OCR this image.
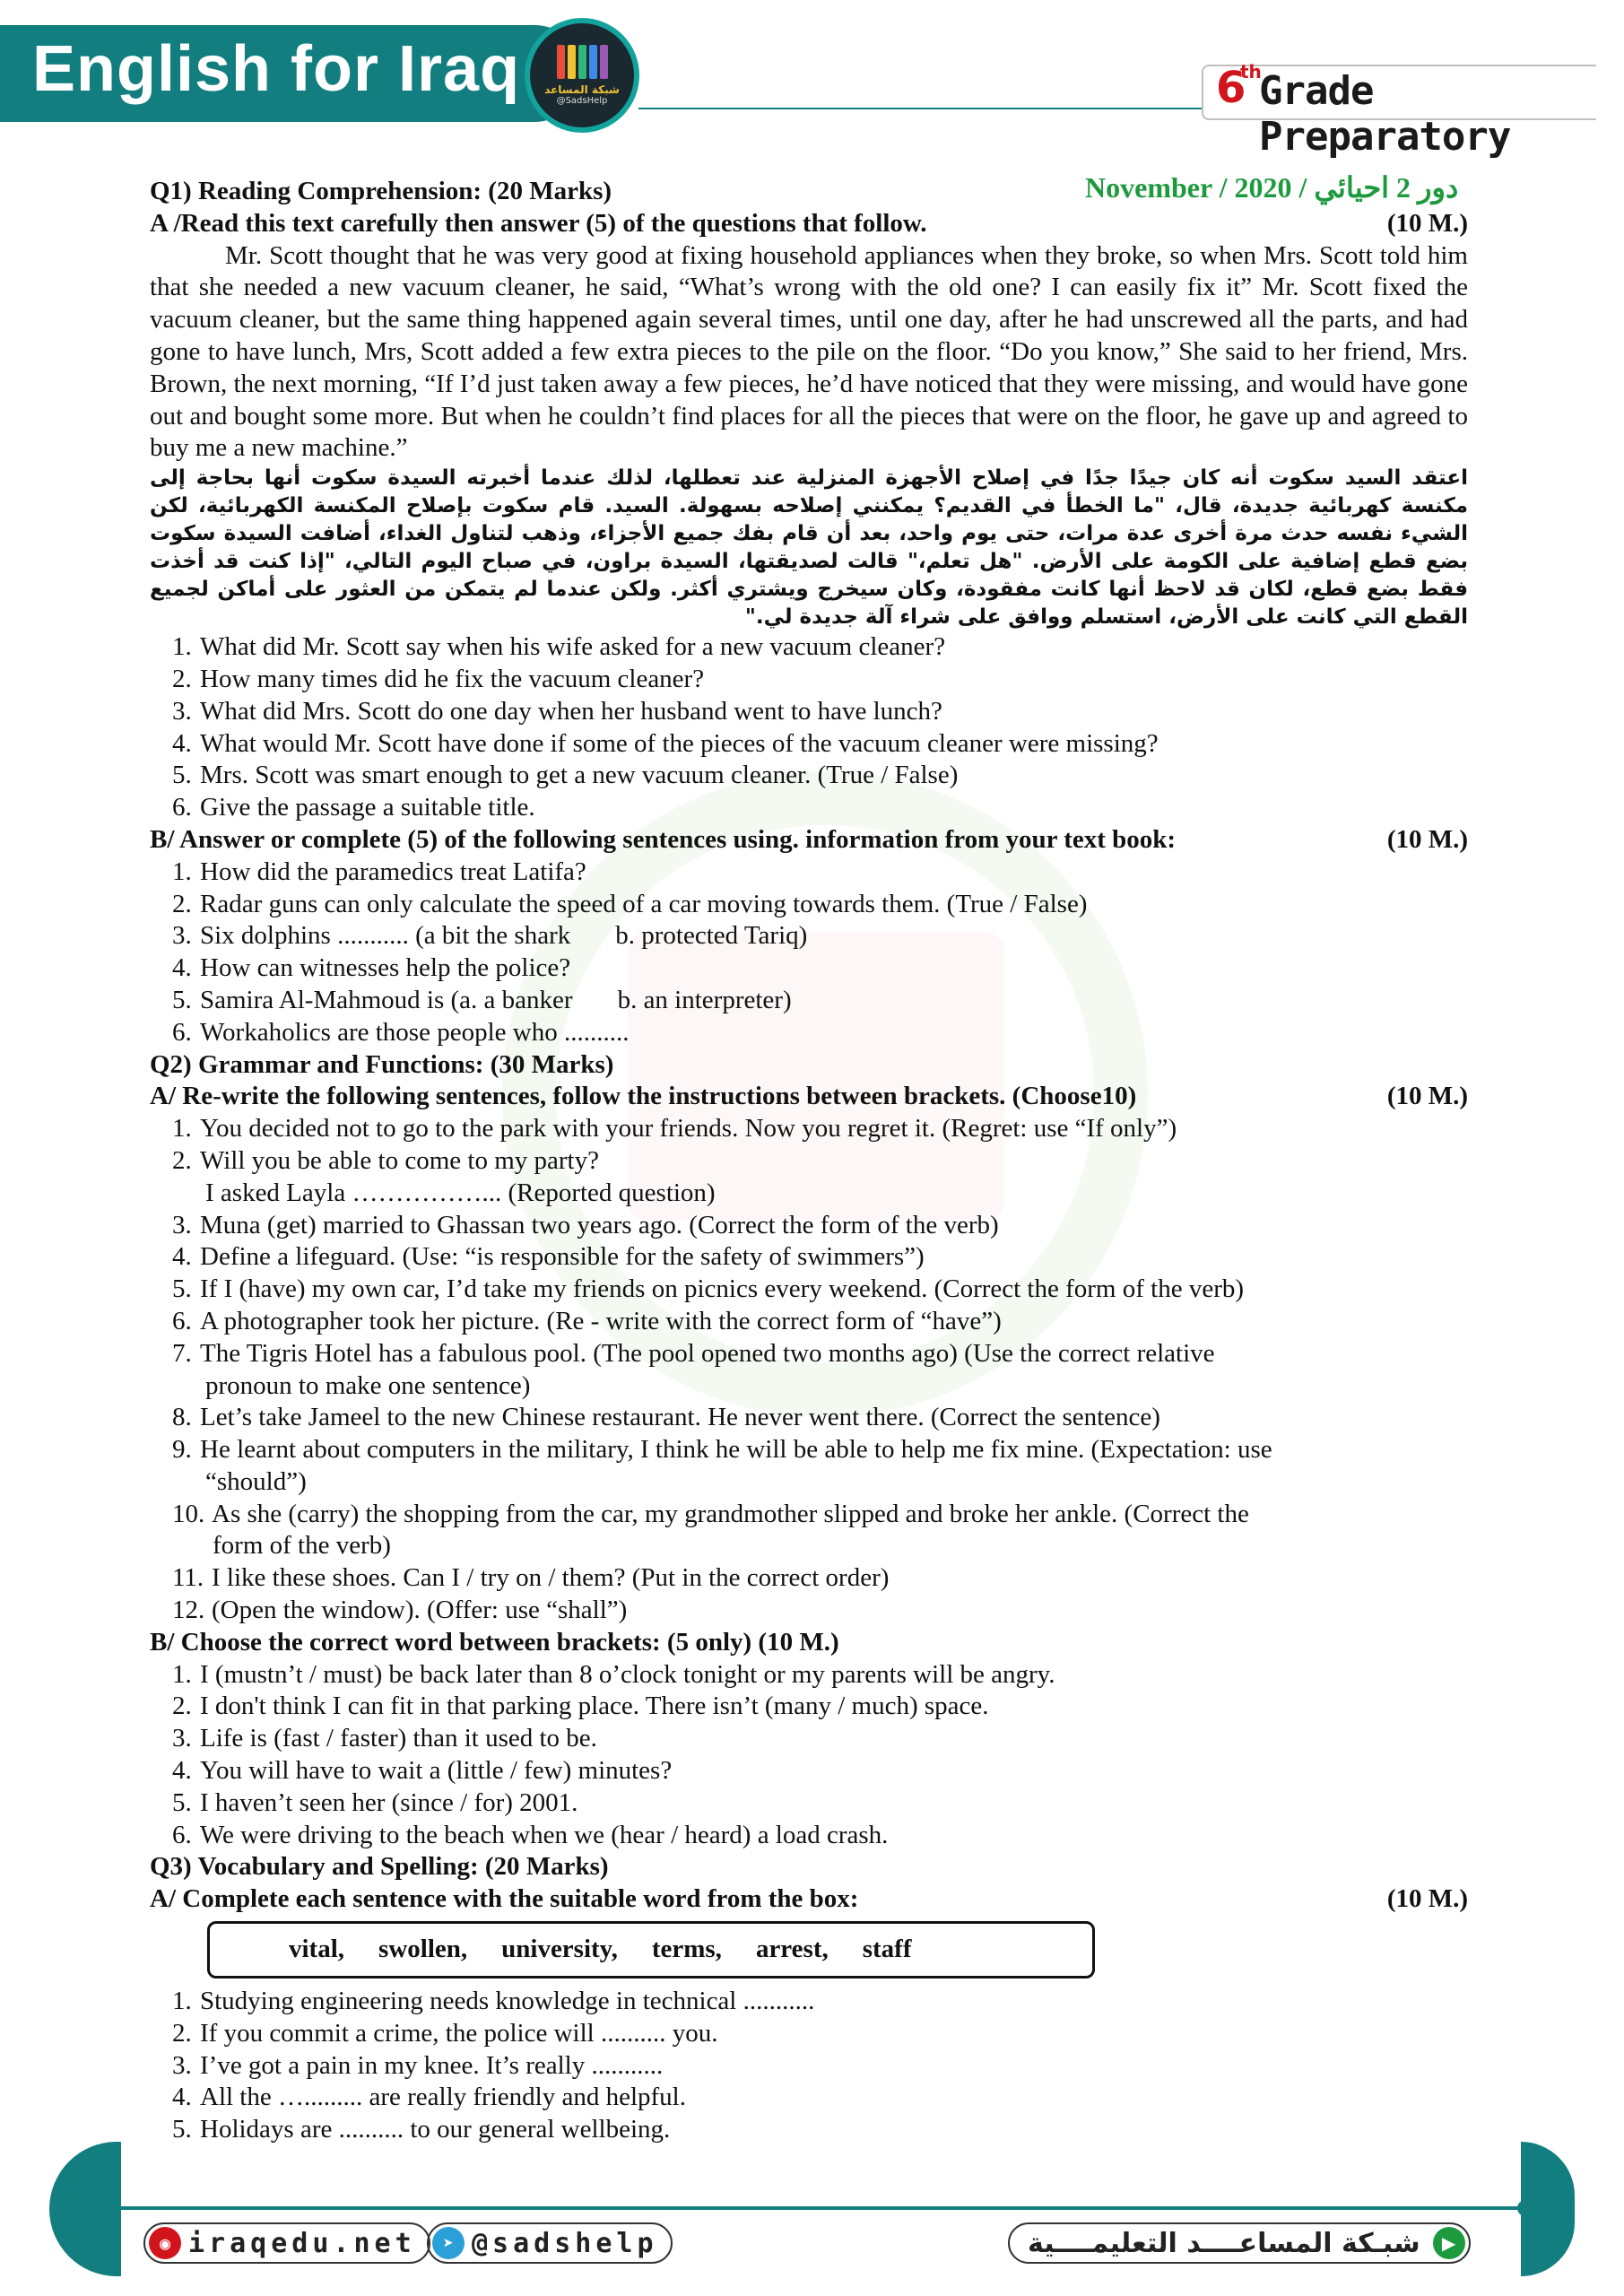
English for Iraq شبكة المساعد
@SadsHelp	6
th
Grade Preparatory
November / 2020 / دور 2 احيائي

Q1) Reading Comprehension: (20 Marks)

A /Read this text carefully then answer (5) of the questions that follow.	(10 M.)

Mr. Scott thought that he was very good at fixing household appliances when they broke, so when Mrs. Scott told him that she needed a new vacuum cleaner, he said, “What’s wrong with the old one? I can easily fix it” Mr. Scott fixed the vacuum cleaner, but the same thing happened again several times, until one day, after he had unscrewed all the parts, and had gone to have lunch, Mrs, Scott added a few extra pieces to the pile on the floor. “Do you know,” She said to her friend, Mrs. Brown, the next morning, “If I’d just taken away a few pieces, he’d have noticed that they were missing, and would have gone out and bought some more. But when he couldn’t find places for all the pieces that were on the floor, he gave up and agreed to buy me a new machine.”

اعتقد السيد سكوت أنه كان جيدًا جدًا في إصلاح الأجهزة المنزلية عند تعطلها، لذلك عندما أخبرته السيدة سكوت أنها بحاجة إلى مكنسة كهربائية جديدة، قال، "ما الخطأ في القديم؟ يمكنني إصلاحه بسهولة. السيد. قام سكوت بإصلاح المكنسة الكهربائية، لكن الشيء نفسه حدث مرة أخرى عدة مرات، حتى يوم واحد، بعد أن قام بفك جميع الأجزاء، وذهب لتناول الغداء، أضافت السيدة سكوت بضع قطع إضافية على الكومة على الأرض. "هل تعلم،" قالت لصديقتها، السيدة براون، في صباح اليوم التالي، "إذا كنت قد أخذت فقط بضع قطع، لكان قد لاحظ أنها كانت مفقودة، وكان سيخرج ويشتري أكثر. ولكن عندما لم يتمكن من العثور على أماكن لجميع القطع التي كانت على الأرض، استسلم ووافق على شراء آلة جديدة لي."

1. What did Mr. Scott say when his wife asked for a new vacuum cleaner?

2. How many times did he fix the vacuum cleaner?

3. What did Mrs. Scott do one day when her husband went to have lunch?

4. What would Mr. Scott have done if some of the pieces of the vacuum cleaner were missing?

5. Mrs. Scott was smart enough to get a new vacuum cleaner. (True / False)

6. Give the passage a suitable title.

B/ Answer or complete (5) of the following sentences using. information from your text book:	(10 M.)

1. How did the paramedics treat Latifa?

2. Radar guns can only calculate the speed of a car moving towards them. (True / False)

3. Six dolphins ........... (a bit the shark b. protected Tariq)

4. How can witnesses help the police?

5. Samira Al-Mahmoud is (a. a banker b. an interpreter)

6. Workaholics are those people who ..........

Q2) Grammar and Functions: (30 Marks)

A/ Re-write the following sentences, follow the instructions between brackets. (Choose10)	(10 M.)

1. You decided not to go to the park with your friends. Now you regret it. (Regret: use “If only”)

2. Will you be able to come to my party?

I asked Layla ……………... (Reported question)

3. Muna (get) married to Ghassan two years ago. (Correct the form of the verb)

4. Define a lifeguard. (Use: “is responsible for the safety of swimmers”)

5. If I (have) my own car, I’d take my friends on picnics every weekend. (Correct the form of the verb)

6. A photographer took her picture. (Re - write with the correct form of “have”)

7. The Tigris Hotel has a fabulous pool. (The pool opened two months ago) (Use the correct relative

pronoun to make one sentence)

8. Let’s take Jameel to the new Chinese restaurant. He never went there. (Correct the sentence)

9. He learnt about computers in the military, I think he will be able to help me fix mine. (Expectation: use

“should”)

10. As she (carry) the shopping from the car, my grandmother slipped and broke her ankle. (Correct the

form of the verb)

11. I like these shoes. Can I / try on / them? (Put in the correct order)

12. (Open the window). (Offer: use “shall”)

B/ Choose the correct word between brackets: (5 only) (10 M.)

1. I (mustn’t / must) be back later than 8 o’clock tonight or my parents will be angry.

2. I don't think I can fit in that parking place. There isn’t (many / much) space.

3. Life is (fast / faster) than it used to be.

4. You will have to wait a (little / few) minutes?

5. I haven’t seen her (since / for) 2001.

6. We were driving to the beach when we (hear / heard) a load crash.

Q3) Vocabulary and Spelling: (20 Marks)

A/ Complete each sentence with the suitable word from the box:	(10 M.)
vital, swollen, university, terms, arrest, staff

1. Studying engineering needs knowledge in technical ...........

2. If you commit a crime, the police will .......... you.

3. I’ve got a pain in my knee. It’s really ...........

4. All the …......... are really friendly and helpful.

5. Holidays are .......... to our general wellbeing.

◉ iraqedu.net	➤ @sadshelp	▶
شبـكة المساعــــد التعليمــــية
